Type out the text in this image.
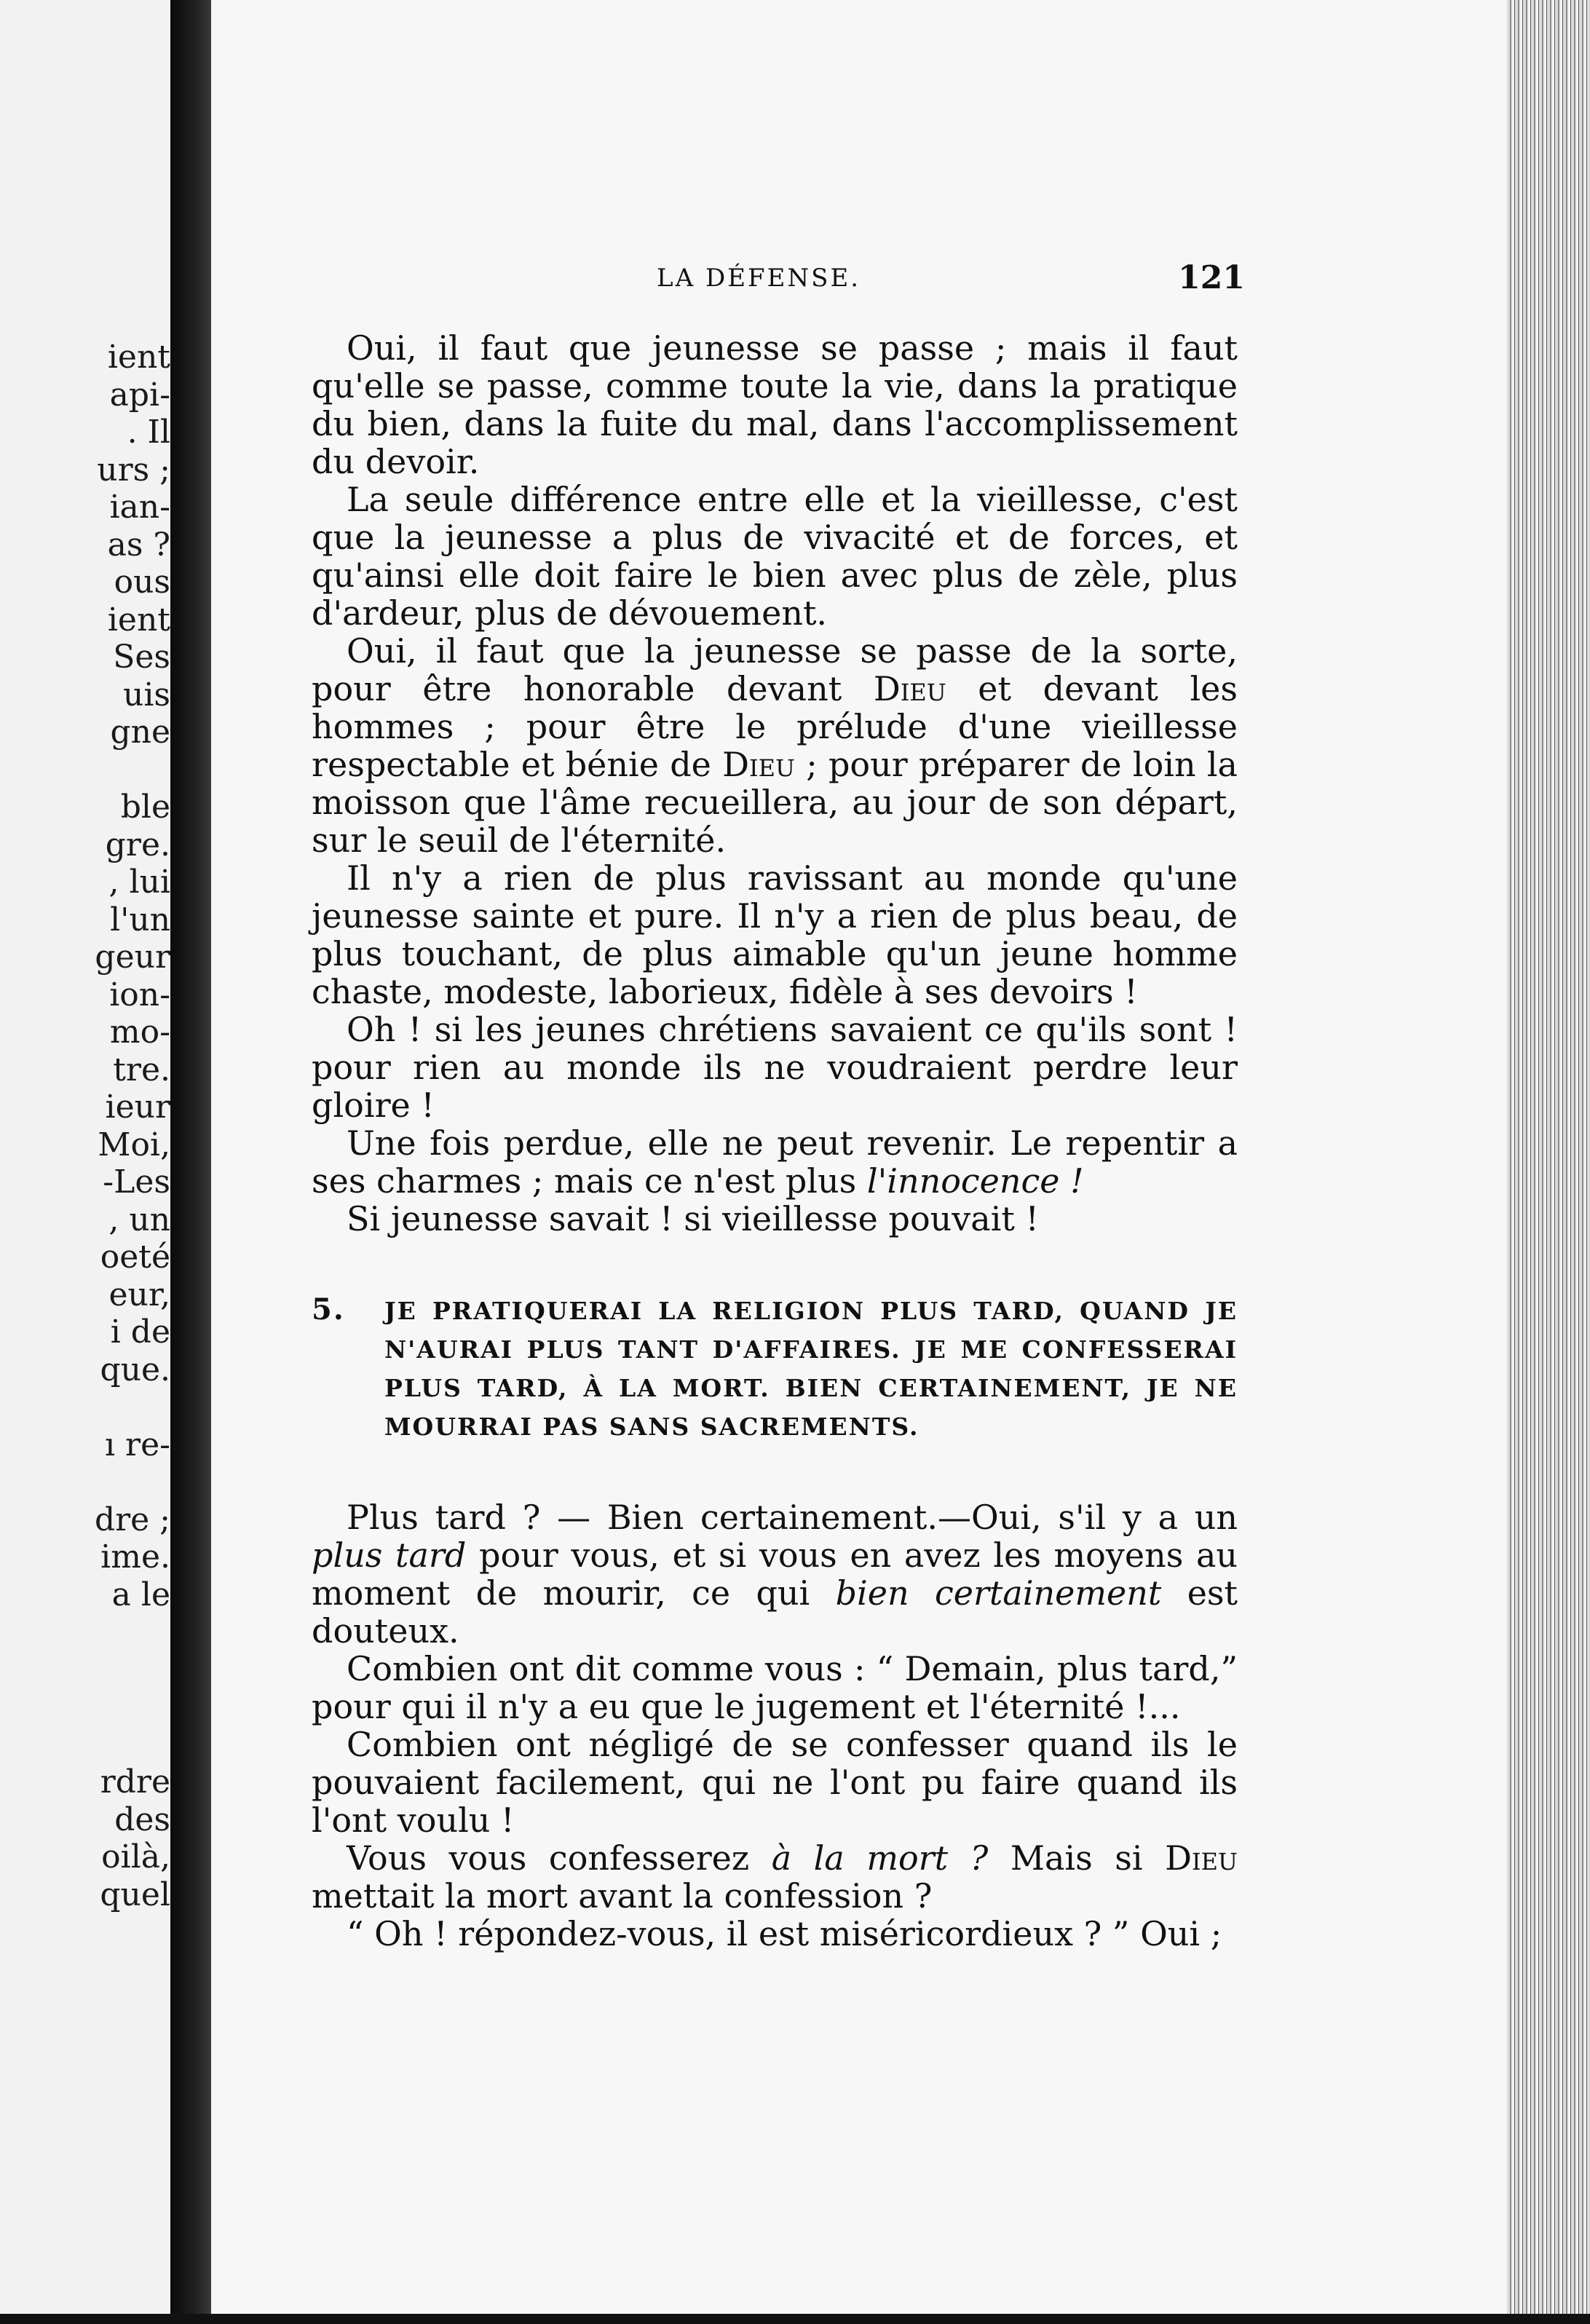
ient
api-
. Il
urs ;
ian-
as ?
ous
ient
Ses
uis
gne
ble
gre.
, lui
l'un
geur
ion-
mo-
tre.
ieur
Moi,
-Les
, un
oeté
eur,
i de
que.
ı re-
dre ;
ime.
a le
rdre
des
oilà,
quel
LA DÉFENSE.	121

Oui, il faut que jeunesse se passe ; mais il faut qu'elle se passe, comme toute la vie, dans la pratique du bien, dans la fuite du mal, dans l'accomplissement du devoir.

La seule différence entre elle et la vieillesse, c'est que la jeunesse a plus de vivacité et de forces, et qu'ainsi elle doit faire le bien avec plus de zèle, plus d'ardeur, plus de dévouement.

Oui, il faut que la jeunesse se passe de la sorte, pour être honorable devant Dieu et devant les hommes ; pour être le prélude d'une vieillesse respectable et bénie de Dieu ; pour préparer de loin la moisson que l'âme recueillera, au jour de son départ, sur le seuil de l'éternité.

Il n'y a rien de plus ravissant au monde qu'une jeunesse sainte et pure. Il n'y a rien de plus beau, de plus touchant, de plus aimable qu'un jeune homme chaste, modeste, laborieux, fidèle à ses devoirs !

Oh ! si les jeunes chrétiens savaient ce qu'ils sont ! pour rien au monde ils ne voudraient perdre leur gloire !

Une fois perdue, elle ne peut revenir. Le repentir a ses charmes ; mais ce n'est plus l'innocence !

Si jeunesse savait ! si vieillesse pouvait !

5. JE PRATIQUERAI LA RELIGION PLUS TARD, QUAND JE N'AURAI PLUS TANT D'AFFAIRES. JE ME CONFESSERAI PLUS TARD, À LA MORT. BIEN CERTAINEMENT, JE NE MOURRAI PAS SANS SACREMENTS.

Plus tard ? — Bien certainement.—Oui, s'il y a un plus tard pour vous, et si vous en avez les moyens au moment de mourir, ce qui bien certainement est douteux.

Combien ont dit comme vous : “ Demain, plus tard,” pour qui il n'y a eu que le jugement et l'éternité !...

Combien ont négligé de se confesser quand ils le pouvaient facilement, qui ne l'ont pu faire quand ils l'ont voulu !

Vous vous confesserez à la mort ? Mais si Dieu mettait la mort avant la confession ?

“ Oh ! répondez-vous, il est miséricordieux ? ” Oui ;
